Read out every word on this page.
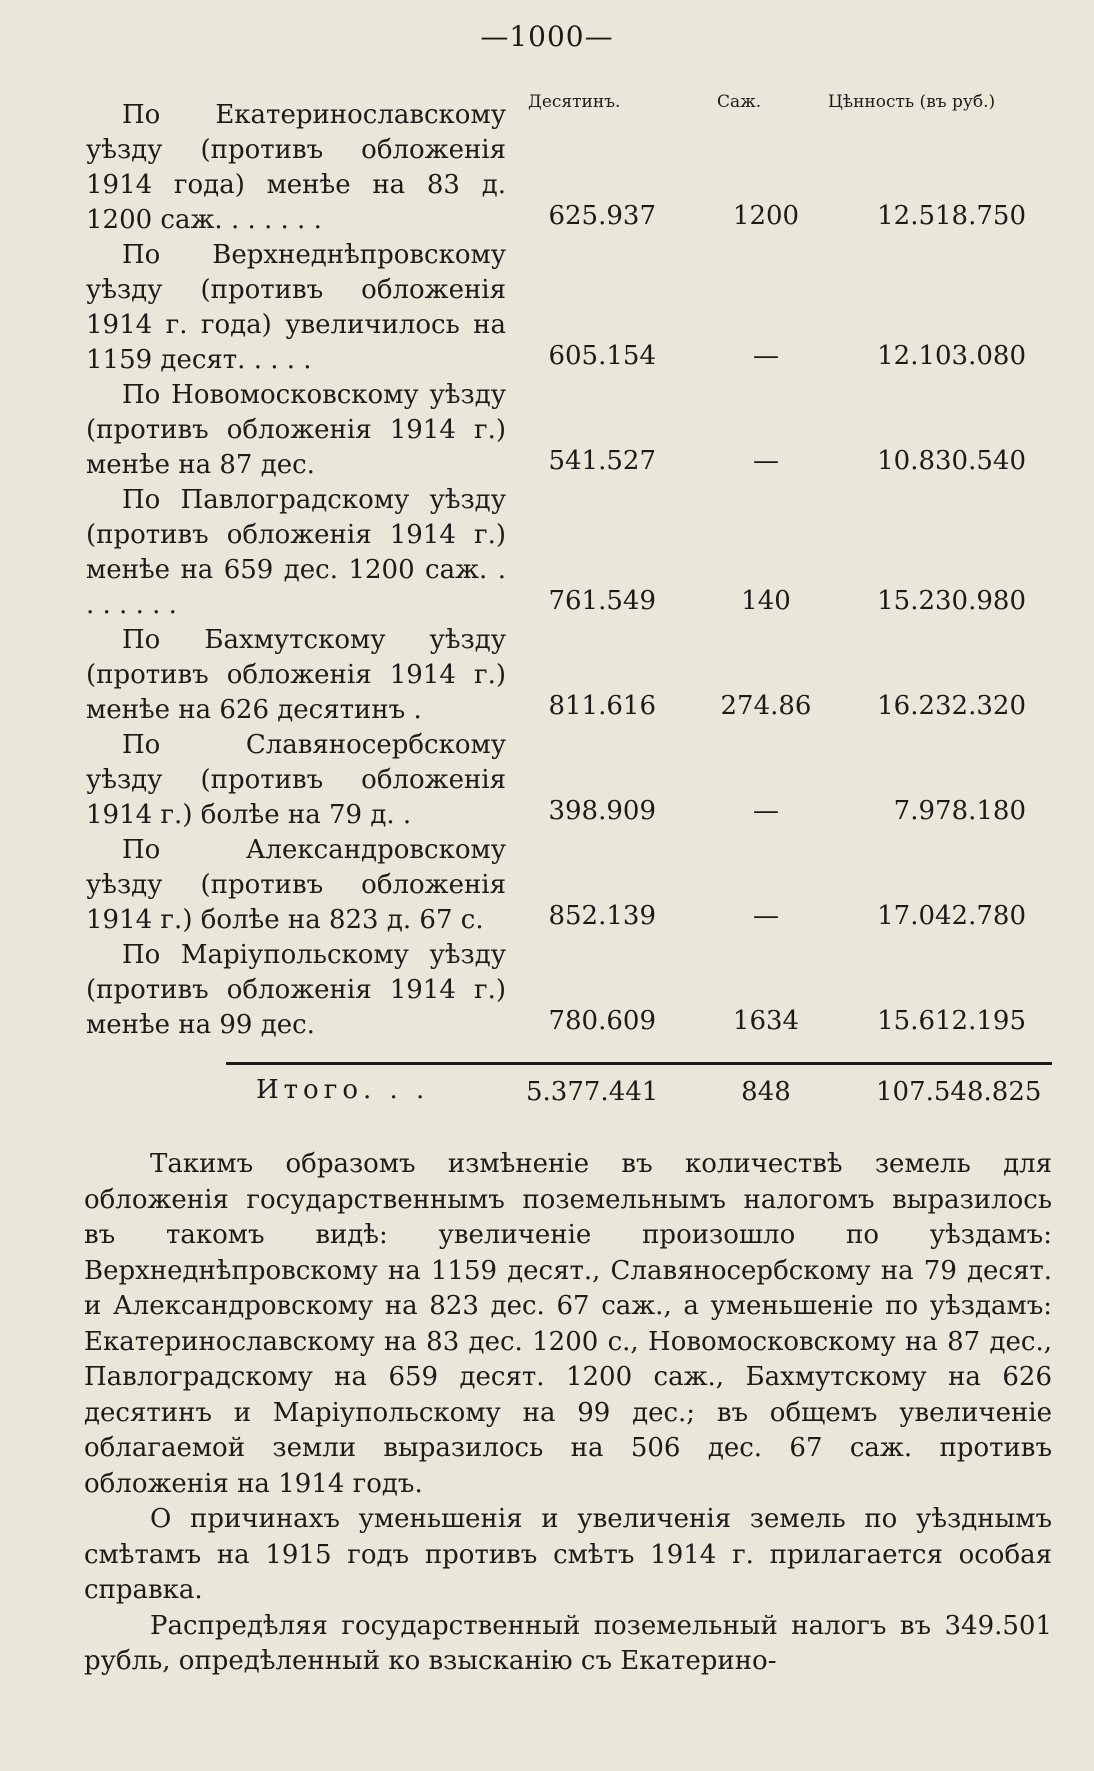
—1000—
Десятинъ.	Саж.	Цѣнность (въ руб.)
По Екатеринославскому уѣзду (противъ обложенія 1914 года) менѣе на 83 д. 1200 саж. . . . . . .	625.937	1200	12.518.750
По Верхнеднѣпровскому уѣзду (противъ обложенія 1914 г. года) увеличилось на 1159 десят. . . . .	605.154	—	12.103.080
По Новомосковскому уѣзду (противъ обложенія 1914 г.) менѣе на 87 дес.	541.527	—	10.830.540
По Павлоградскому уѣзду (противъ обложенія 1914 г.) менѣе на 659 дес. 1200 саж. . . . . . . .	761.549	140	15.230.980
По Бахмутскому уѣзду (противъ обложенія 1914 г.) менѣе на 626 десятинъ .	811.616	274.86	16.232.320
По Славяносербскому уѣзду (противъ обложенія 1914 г.) болѣе на 79 д. .	398.909	—	7.978.180
По Александровскому уѣзду (противъ обложенія 1914 г.) болѣе на 823 д. 67 с.	852.139	—	17.042.780
По Маріупольскому уѣзду (противъ обложенія 1914 г.) менѣе на 99 дес.	780.609	1634	15.612.195
Итого. . .	5.377.441	848	107.548.825

Такимъ образомъ измѣненіе въ количествѣ земель для обложенія государственнымъ поземельнымъ налогомъ выразилось въ такомъ видѣ: увеличеніе произошло по уѣздамъ: Верхнеднѣпровскому на 1159 десят., Славяносербскому на 79 десят. и Александровскому на 823 дес. 67 саж., а уменьшеніе по уѣздамъ: Екатеринославскому на 83 дес. 1200 с., Новомосковскому на 87 дес., Павлоградскому на 659 десят. 1200 саж., Бахмутскому на 626 десятинъ и Маріупольскому на 99 дес.; въ общемъ увеличеніе облагаемой земли выразилось на 506 дес. 67 саж. противъ обложенія на 1914 годъ.

О причинахъ уменьшенія и увеличенія земель по уѣзднымъ смѣтамъ на 1915 годъ противъ смѣтъ 1914 г. прилагается особая справка.

Распредѣляя государственный поземельный налогъ въ 349.501 рубль, опредѣленный ко взысканію съ Екатерино-
